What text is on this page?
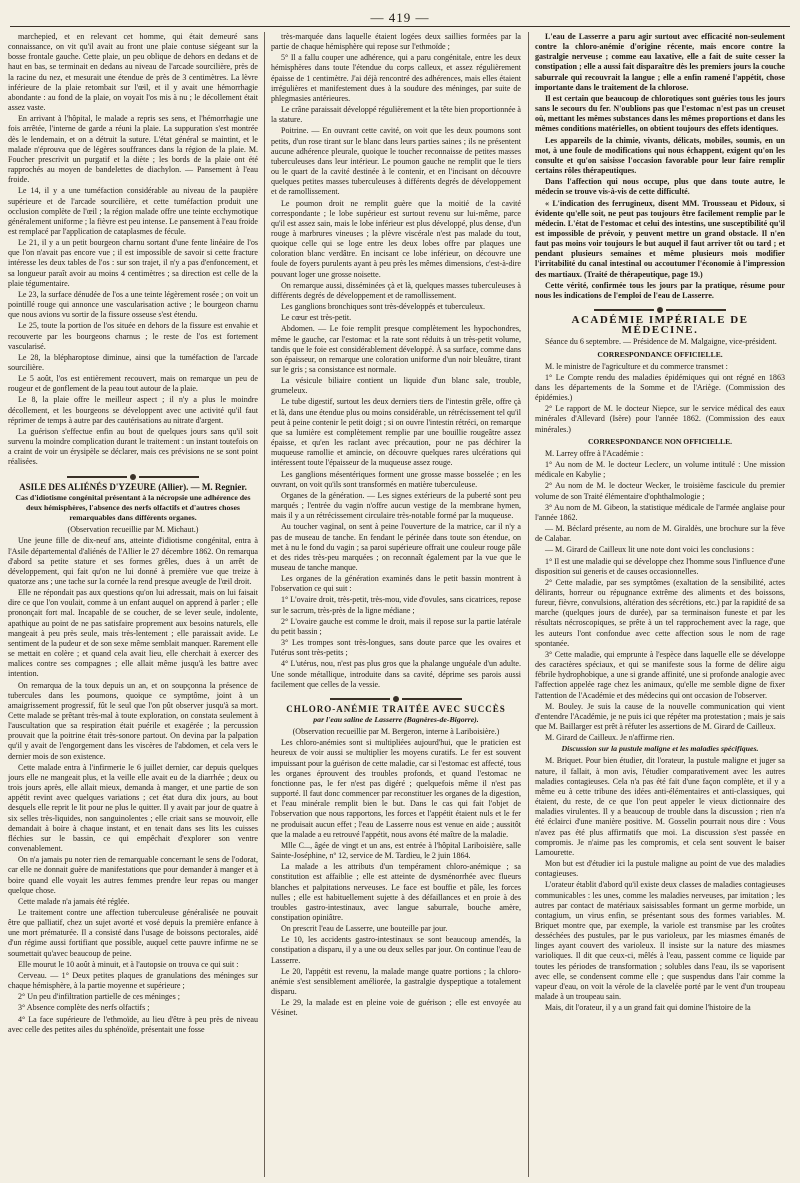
— 419 —

marchepied, et en relevant cet homme, qui était demeuré sans connaissance, on vit qu'il avait au front une plaie contuse siégeant sur la bosse frontale gauche. Cette plaie, un peu oblique de dehors en dedans et de haut en bas, se terminait en dedans au niveau de l'arcade sourcilière, près de la racine du nez, et mesurait une étendue de près de 3 centimètres. La lèvre inférieure de la plaie retombait sur l'œil, et il y avait une hémorrhagie abondante : au fond de la plaie, on voyait l'os mis à nu ; le décollement était assez vaste.

En arrivant à l'hôpital, le malade a repris ses sens, et l'hémorrhagie une fois arrêtée, l'interne de garde a réuni la plaie. La suppuration s'est montrée dès le lendemain, et on a détruit la suture. L'état général se maintint, et le malade n'éprouva que de légères souffrances dans la région de la plaie. M. Foucher prescrivit un purgatif et la diète ; les bords de la plaie ont été rapprochés au moyen de bandelettes de diachylon. — Pansement à l'eau froide.

Le 14, il y a une tuméfaction considérable au niveau de la paupière supérieure et de l'arcade sourcilière, et cette tuméfaction produit une occlusion complète de l'œil ; la région malade offre une teinte ecchymotique généralement uniforme ; la fièvre est peu intense. Le pansement à l'eau froide est remplacé par l'application de cataplasmes de fécule.

Le 21, il y a un petit bourgeon charnu sortant d'une fente linéaire de l'os que l'on n'avait pas encore vue ; il est impossible de savoir si cette fracture intéresse les deux tables de l'os : sur son trajet, il n'y a pas d'enfoncement, et sa longueur paraît avoir au moins 4 centimètres ; sa direction est celle de la plaie tégumentaire.

Le 23, la surface dénudée de l'os a une teinte légèrement rosée ; on voit un pointillé rouge qui annonce une vascularisation active ; le bourgeon charnu que nous avions vu sortir de la fissure osseuse s'est étendu.

Le 25, toute la portion de l'os située en dehors de la fissure est envahie et recouverte par les bourgeons charnus ; le reste de l'os est fortement vascularisé.

Le 28, la blépharoptose diminue, ainsi que la tuméfaction de l'arcade sourcilière.

Le 5 août, l'os est entièrement recouvert, mais on remarque un peu de rougeur et de gonflement de la peau tout autour de la plaie.

Le 8, la plaie offre le meilleur aspect ; il n'y a plus le moindre décollement, et les bourgeons se développent avec une activité qu'il faut réprimer de temps à autre par des cautérisations au nitrate d'argent.

La guérison s'effectue enfin au bout de quelques jours sans qu'il soit survenu la moindre complication durant le traitement : un instant toutefois on a craint de voir un érysipèle se déclarer, mais ces prévisions ne se sont point réalisées.

ASILE DES ALIÉNÉS D'YZEURE (Allier). — M. Regnier.

Cas d'idiotisme congénital présentant à la nécropsie une adhérence des deux hémisphères, l'absence des nerfs olfactifs et d'autres choses remarquables dans différents organes.

(Observation recueillie par M. Michaut.)

Une jeune fille de dix-neuf ans, atteinte d'idiotisme congénital, entra à l'Asile départemental d'aliénés de l'Allier le 27 décembre 1862. On remarqua d'abord sa petite stature et ses formes grêles, dues à un arrêt de développement, qui fait qu'on ne lui donné à première vue que treize à quatorze ans ; une tache sur la cornée la rend presque aveugle de l'œil droit.

Elle ne répondait pas aux questions qu'on lui adressait, mais on lui faisait dire ce que l'on voulait, comme à un enfant auquel on apprend à parler ; elle prononçait fort mal. Incapable de se coucher, de se lever seule, indolente, apathique au point de ne pas satisfaire proprement aux besoins naturels, elle mangeait à peu près seule, mais très-lentement ; elle paraissait avide. Le sentiment de la pudeur et de son sexe même semblait manquer. Rarement elle se mettait en colère ; et quand cela avait lieu, elle cherchait à exercer des malices contre ses compagnes ; elle allait même jusqu'à les battre avec intention.

On remarqua de la toux depuis un an, et on soupçonna la présence de tubercules dans les poumons, quoique ce symptôme, joint à un amaigrissement progressif, fût le seul que l'on pût observer jusqu'à sa mort. Cette malade se prêtant très-mal à toute exploration, on constata seulement à l'auscultation que sa respiration était puérile et exagérée ; la percussion prouvait que la poitrine était très-sonore partout. On devina par la palpation qu'il y avait de l'engorgement dans les viscères de l'abdomen, et cela vers le dernier mois de son existence.

Cette malade entra à l'infirmerie le 6 juillet dernier, car depuis quelques jours elle ne mangeait plus, et la veille elle avait eu de la diarrhée ; deux ou trois jours après, elle allait mieux, demanda à manger, et une partie de son appétit revint avec quelques variations ; cet état dura dix jours, au bout desquels elle reprit le lit pour ne plus le quitter. Il y avait par jour de quatre à six selles très-liquides, non sanguinolentes ; elle criait sans se mouvoir, elle demandait à boire à chaque instant, et en tenait dans ses lits les cuisses fléchies sur le bassin, ce qui empêchait d'explorer son ventre convenablement.

On n'a jamais pu noter rien de remarquable concernant le sens de l'odorat, car elle ne donnait guère de manifestations que pour demander à manger et à boire quand elle voyait les autres femmes prendre leur repas ou manger quelque chose.

Cette malade n'a jamais été réglée.

Le traitement contre une affection tuberculeuse généralisée ne pouvait être que palliatif, chez un sujet avorté et vosé depuis la première enfance à une mort prématurée. Il a consisté dans l'usage de boissons pectorales, aidé d'un régime aussi fortifiant que possible, auquel cette pauvre infirme ne se soumettait qu'avec beaucoup de peine.

Elle mourut le 10 août à minuit, et à l'autopsie on trouva ce qui suit :

Cerveau. — 1° Deux petites plaques de granulations des méninges sur chaque hémisphère, à la partie moyenne et supérieure ;

2° Un peu d'infiltration partielle de ces méninges ;

3° Absence complète des nerfs olfactifs ;

4° La face supérieure de l'ethmoïde, au lieu d'être à peu près de niveau avec celle des petites ailes du sphénoïde, présentait une fosse

très-marquée dans laquelle étaient logées deux saillies formées par la partie de chaque hémisphère qui repose sur l'ethmoïde ;

5° Il a fallu couper une adhérence, qui a paru congénitale, entre les deux hémisphères dans toute l'étendue du corps calleux, et assez régulièrement épaisse de 1 centimètre. J'ai déjà rencontré des adhérences, mais elles étaient irrégulières et manifestement dues à la soudure des méninges, par suite de phlegmasies antérieures.

Le crâne paraissait développé régulièrement et la tête bien proportionnée à la stature.

Poitrine. — En ouvrant cette cavité, on voit que les deux poumons sont petits, d'un rose tirant sur le blanc dans leurs parties saines ; ils ne présentent aucune adhérence pleurale, quoique le toucher reconnaisse de petites masses tuberculeuses dans leur intérieur. Le poumon gauche ne remplit que le tiers ou le quart de la cavité destinée à le contenir, et en l'incisant on découvre quelques petites masses tuberculeuses à différents degrés de développement et de ramollissement.

Le poumon droit ne remplit guère que la moitié de la cavité correspondante ; le lobe supérieur est surtout revenu sur lui-même, parce qu'il est assez sain, mais le lobe inférieur est plus développé, plus dense, d'un rouge à marbrures vineuses ; la plèvre viscérale n'est pas malade du tout, quoique celle qui se loge entre les deux lobes offre par plaques une coloration blanc verdâtre. En incisant ce lobe inférieur, on découvre une foule de foyers purulents ayant à peu près les mêmes dimensions, c'est-à-dire pouvant loger une grosse noisette.

On remarque aussi, disséminées çà et là, quelques masses tuberculeuses à différents degrés de développement et de ramollissement.

Les ganglions bronchiques sont très-développés et tuberculeux.

Le cœur est très-petit.

Abdomen. — Le foie remplit presque complètement les hypochondres, même le gauche, car l'estomac et la rate sont réduits à un très-petit volume, tandis que le foie est considérablement développé. À sa surface, comme dans son épaisseur, on remarque une coloration uniforme d'un noir bleuâtre, tirant sur le gris ; sa consistance est normale.

La vésicule biliaire contient un liquide d'un blanc sale, trouble, grumeleux.

Le tube digestif, surtout les deux derniers tiers de l'intestin grêle, offre çà et là, dans une étendue plus ou moins considérable, un rétrécissement tel qu'il peut à peine contenir le petit doigt ; si on ouvre l'intestin rétréci, on remarque que sa lumière est complètement remplie par une bouillie rougeâtre assez épaisse, et qu'en les raclant avec précaution, pour ne pas déchirer la muqueuse ramollie et amincie, on découvre quelques rares ulcérations qui intéressent toute l'épaisseur de la muqueuse assez rouge.

Les ganglions mésentériques forment une grosse masse bosselée ; en les ouvrant, on voit qu'ils sont transformés en matière tuberculeuse.

Organes de la génération. — Les signes extérieurs de la puberté sont peu marqués ; l'entrée du vagin n'offre aucun vestige de la membrane hymen, mais il y a un rétrécissement circulaire très-notable formé par la muqueuse.

Au toucher vaginal, on sent à peine l'ouverture de la matrice, car il n'y a pas de museau de tanche. En fendant le périnée dans toute son étendue, on met à nu le fond du vagin ; sa paroi supérieure offrait une couleur rouge pâle et des rides très-peu marquées ; on reconnaît également par la vue que le museau de tanche manque.

Les organes de la génération examinés dans le petit bassin montrent à l'observation ce qui suit :

1° L'ovaire droit, très-petit, très-mou, vide d'ovules, sans cicatrices, repose sur le sacrum, très-près de la ligne médiane ;

2° L'ovaire gauche est comme le droit, mais il repose sur la partie latérale du petit bassin ;

3° Les trompes sont très-longues, sans doute parce que les ovaires et l'utérus sont très-petits ;

4° L'utérus, nou, n'est pas plus gros que la phalange unguéale d'un adulte. Une sonde métallique, introduite dans sa cavité, déprime ses parois aussi facilement que celles de la vessie.

CHLORO-ANÉMIE TRAITÉE AVEC SUCCÈS

par l'eau saline de Lasserre (Bagnères-de-Bigorre).

(Observation recueillie par M. Bergeron, interne à Lariboisière.)

Les chloro-anémies sont si multipliées aujourd'hui, que le praticien est heureux de voir aussi se multiplier les moyens curatifs. Le fer est souvent impuissant pour la guérison de cette maladie, car si l'estomac est affecté, tous les organes éprouvent des troubles profonds, et quand l'estomac ne fonctionne pas, le fer n'est pas digéré ; quelquefois même il n'est pas supporté. Il faut donc commencer par reconstituer les organes de la digestion, et l'eau minérale remplit bien le but. Dans le cas qui fait l'objet de l'observation que nous rapportons, les forces et l'appétit étaient nuls et le fer ne produisait aucun effet ; l'eau de Lasserre nous est venue en aide ; aussitôt que la malade a eu retrouvé l'appétit, nous avons été maître de la maladie.

Mlle C..., âgée de vingt et un ans, est entrée à l'hôpital Lariboisière, salle Sainte-Joséphine, nº 12, service de M. Tardieu, le 2 juin 1864.

La malade a les attributs d'un tempérament chloro-anémique ; sa constitution est affaiblie ; elle est atteinte de dysménorrhée avec flueurs blanches et palpitations nerveuses. Le face est bouffie et pâle, les forces nulles ; elle est habituellement sujette à des défaillances et en proie à des troubles gastro-intestinaux, avec langue saburrale, bouche amère, constipation opiniâtre.

On prescrit l'eau de Lasserre, une bouteille par jour.

Le 10, les accidents gastro-intestinaux se sont beaucoup amendés, la constipation a disparu, il y a une ou deux selles par jour. On continue l'eau de Lasserre.

Le 20, l'appétit est revenu, la malade mange quatre portions ; la chloro-anémie s'est sensiblement améliorée, la gastralgie dyspeptique a totalement disparu.

Le 29, la malade est en pleine voie de guérison ; elle est envoyée au Vésinet.

L'eau de Lasserre a paru agir surtout avec efficacité non-seulement contre la chloro-anémie d'origine récente, mais encore contre la gastralgie nerveuse ; comme eau laxative, elle a fait de suite cesser la constipation ; elle a aussi fait disparaître dès les premiers jours la couche saburrale qui recouvrait la langue ; elle a enfin ramené l'appétit, chose importante dans le traitement de la chlorose.

Il est certain que beaucoup de chlorotiques sont guéries tous les jours sans le secours du fer. N'oublions pas que l'estomac n'est pas un creuset où, mettant les mêmes substances dans les mêmes proportions et dans les mêmes conditions matérielles, on obtient toujours des effets identiques.

Les appareils de la chimie, vivants, délicats, mobiles, soumis, en un mot, à une foule de modifications qui nous échappent, exigent qu'on les consulte et qu'on saisisse l'occasion favorable pour leur faire remplir certains rôles thérapeutiques.

Dans l'affection qui nous occupe, plus que dans toute autre, le médecin se trouve vis-à-vis de cette difficulté.

« L'indication des ferrugineux, disent MM. Trousseau et Pidoux, si évidente qu'elle soit, ne peut pas toujours être facilement remplie par le médecin. L'état de l'estomac et celui des intestins, une susceptibilité qu'il est impossible de prévoir, y peuvent mettre un grand obstacle. Il n'en faut pas moins voir toujours le but auquel il faut arriver tôt ou tard ; et pendant plusieurs semaines et même plusieurs mois modifier l'irritabilité du canal intestinal ou accoutumer l'économie à l'impression des martiaux. (Traité de thérapeutique, page 19.)

Cette vérité, confirmée tous les jours par la pratique, résume pour nous les indications de l'emploi de l'eau de Lasserre.

ACADÉMIE IMPÉRIALE DE MÉDECINE.

Séance du 6 septembre. — Présidence de M. Malgaigne, vice-président.

CORRESPONDANCE OFFICIELLE.

M. le ministre de l'agriculture et du commerce transmet :

1° Le Compte rendu des maladies épidémiques qui ont régné en 1863 dans les départements de la Somme et de l'Ariège. (Commission des épidémies.)

2° Le rapport de M. le docteur Niepce, sur le service médical des eaux minérales d'Allevard (Isère) pour l'année 1862. (Commission des eaux minérales.)

CORRESPONDANCE NON OFFICIELLE.

M. Larrey offre à l'Académie :

1° Au nom de M. le docteur Leclerc, un volume intitulé : Une mission médicale en Kabylie ;

2° Au nom de M. le docteur Wecker, le troisième fascicule du premier volume de son Traité élémentaire d'ophthalmologie ;

3° Au nom de M. Gibeon, la statistique médicale de l'armée anglaise pour l'année 1862.

— M. Béclard présente, au nom de M. Giraldès, une brochure sur la fève de Calabar.

— M. Girard de Cailleux lit une note dont voici les conclusions :

1° Il est une maladie qui se développe chez l'homme sous l'influence d'une disposition sui generis et de causes occasionnelles.

2° Cette maladie, par ses symptômes (exaltation de la sensibilité, actes délirants, horreur ou répugnance extrême des aliments et des boissons, fureur, fièvre, convulsions, altération des sécrétions, etc.) par la rapidité de sa marche (quelques jours de durée), par sa terminaison funeste et par les résultats nécroscopiques, se prête à un tel rapprochement avec la rage, que les auteurs l'ont confondue avec cette affection sous le nom de rage spontanée.

3° Cette maladie, qui emprunte à l'espèce dans laquelle elle se développe des caractères spéciaux, et qui se manifeste sous la forme de délire aigu fébrile hydrophobique, a une si grande affinité, une si profonde analogie avec l'affection appelée rage chez les animaux, qu'elle me semble digne de fixer l'attention de l'Académie et des médecins qui ont occasion de l'observer.

M. Bouley. Je suis la cause de la nouvelle communication qui vient d'entendre l'Académie, je ne puis ici que répéter ma protestation ; mais je sais que M. Baillarger est prêt à réfuter les assertions de M. Girard de Cailleux.

M. Girard de Cailleux. Je n'affirme rien.

Discussion sur la pustule maligne et les maladies spécifiques.

M. Briquet. Pour bien étudier, dit l'orateur, la pustule maligne et juger sa nature, il fallait, à mon avis, l'étudier comparativement avec les autres maladies contagieuses. Cela n'a pas été fait d'une façon complète, et il y a même eu à cette tribune des idées anti-élémentaires et anti-classiques, qui étaient, du reste, de ce que l'on peut appeler le vieux dictionnaire des maladies virulentes. Il y a beaucoup de trouble dans la discussion ; rien n'a été éclairci d'une manière positive. M. Gosselin pourrait nous dire : Vous n'avez pas été plus affirmatifs que moi. La discussion s'est passée en compromis. Je n'aime pas les compromis, et cela sent souvent le baiser Lamourette.

Mon but est d'étudier ici la pustule maligne au point de vue des maladies contagieuses.

L'orateur établit d'abord qu'il existe deux classes de maladies contagieuses communicables : les unes, comme les maladies nerveuses, par imitation ; les autres par contact de matériaux saisissables formant un germe morbide, un contagium, un virus enfin, se présentant sous des formes variables. M. Briquet montre que, par exemple, la variole est transmise par les croûtes desséchées des pustules, par le pus varioleux, par les miasmes émanés de linges ayant couvert des varioleux. Il insiste sur la nature des miasmes varioliques. Il dit que ceux-ci, mêlés à l'eau, passent comme ce liquide par toutes les périodes de transformation ; solubles dans l'eau, ils se vaporisent avec elle, se condensent comme elle ; que suspendus dans l'air comme la vapeur d'eau, on voit la vérole de la clavelée porté par le vent d'un troupeau malade à un troupeau sain.

Mais, dit l'orateur, il y a un grand fait qui domine l'histoire de la
